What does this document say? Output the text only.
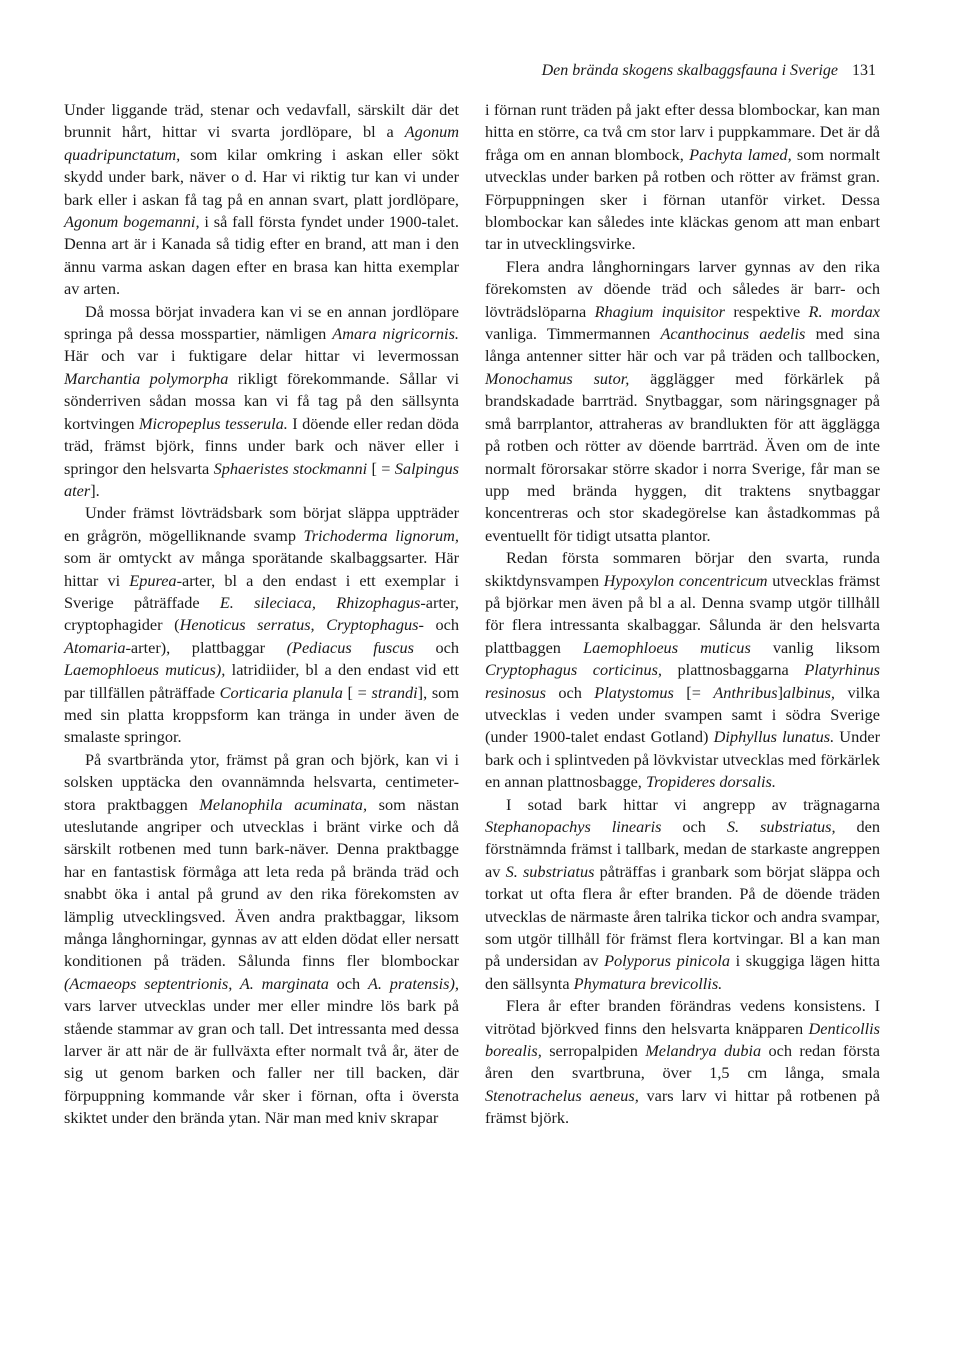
Den brända skogens skalbaggsfauna i Sverige 131

Under liggande träd, stenar och vedavfall, särskilt där det brunnit hårt, hittar vi svarta jordlöpare, bl a Agonum quadripunctatum, som kilar omkring i askan eller sökt skydd under bark, näver o d. Har vi riktig tur kan vi under bark eller i askan få tag på en annan svart, platt jordlöpare, Agonum bogemanni, i så fall första fyndet under 1900-talet. Denna art är i Kanada så tidig efter en brand, att man i den ännu varma askan dagen efter en brasa kan hitta exemplar av arten.

Då mossa börjat invadera kan vi se en annan jordlöpare springa på dessa mosspartier, nämligen Amara nigricornis. Här och var i fuktigare delar hittar vi levermossan Marchantia polymorpha rikligt förekommande. Sållar vi sönderriven sådan mossa kan vi få tag på den sällsynta kortvingen Micropeplus tesserula. I döende eller redan döda träd, främst björk, finns under bark och näver eller i springor den helsvarta Sphaeristes stockmanni [ = Salpingus ater].

Under främst lövträdsbark som börjat släppa uppträder en grågrön, mögelliknande svamp Trichoderma lignorum, som är omtyckt av många sporätande skalbaggsarter. Här hittar vi Epurea-arter, bl a den endast i ett exemplar i Sverige påträffade E. sileciaca, Rhizophagus-arter, cryptophagider (Henoticus serratus, Cryptophagus- och Atomaria-arter), plattbaggar (Pediacus fuscus och Laemophloeus muticus), latridiider, bl a den endast vid ett par tillfällen påträffade Corticaria planula [ = strandi], som med sin platta kroppsform kan tränga in under även de smalaste springor.

På svartbrända ytor, främst på gran och björk, kan vi i solsken upptäcka den ovannämnda helsvarta, centimeter-stora praktbaggen Melanophila acuminata, som nästan uteslutande angriper och utvecklas i bränt virke och då särskilt rotbenen med tunn bark-näver. Denna praktbagge har en fantastisk förmåga att leta reda på brända träd och snabbt öka i antal på grund av den rika förekomsten av lämplig utvecklingsved. Även andra praktbaggar, liksom många långhorningar, gynnas av att elden dödat eller nersatt konditionen på träden. Sålunda finns fler blombockar (Acmaeops septentrionis, A. marginata och A. pratensis), vars larver utvecklas under mer eller mindre lös bark på stående stammar av gran och tall. Det intressanta med dessa larver är att när de är fullväxta efter normalt två år, äter de sig ut genom barken och faller ner till backen, där förpuppning kommande vår sker i förnan, ofta i översta skiktet under den brända ytan. När man med kniv skrapar

i förnan runt träden på jakt efter dessa blombockar, kan man hitta en större, ca två cm stor larv i puppkammare. Det är då fråga om en annan blombock, Pachyta lamed, som normalt utvecklas under barken på rotben och rötter av främst gran. Förpuppningen sker i förnan utanför virket. Dessa blombockar kan således inte kläckas genom att man enbart tar in utvecklingsvirke.

Flera andra långhorningars larver gynnas av den rika förekomsten av döende träd och således är barr- och lövträdslöparna Rhagium inquisitor respektive R. mordax vanliga. Timmermannen Acanthocinus aedelis med sina långa antenner sitter här och var på träden och tallbocken, Monochamus sutor, ägglägger med förkärlek på brandskadade barrträd. Snytbaggar, som näringsgnager på små barrplantor, attraheras av brandlukten för att ägglägga på rotben och rötter av döende barrträd. Även om de inte normalt förorsakar större skador i norra Sverige, får man se upp med brända hyggen, dit traktens snytbaggar koncentreras och stor skadegörelse kan åstadkommas på eventuellt för tidigt utsatta plantor.

Redan första sommaren börjar den svarta, runda skiktdynsvampen Hypoxylon concentricum utvecklas främst på björkar men även på bl a al. Denna svamp utgör tillhåll för flera intressanta skalbaggar. Sålunda är den helsvarta plattbaggen Laemophloeus muticus vanlig liksom Cryptophagus corticinus, plattnosbaggarna Platyrhinus resinosus och Platystomus [= Anthribus]albinus, vilka utvecklas i veden under svampen samt i södra Sverige (under 1900-talet endast Gotland) Diphyllus lunatus. Under bark och i splintveden på lövkvistar utvecklas med förkärlek en annan plattnosbagge, Tropideres dorsalis.

I sotad bark hittar vi angrepp av trägnagarna Stephanopachys linearis och S. substriatus, den förstnämnda främst i tallbark, medan de starkaste angreppen av S. substriatus påträffas i granbark som börjat släppa och torkat ut ofta flera år efter branden. På de döende träden utvecklas de närmaste åren talrika tickor och andra svampar, som utgör tillhåll för främst flera kortvingar. Bl a kan man på undersidan av Polyporus pinicola i skuggiga lägen hitta den sällsynta Phymatura brevicollis.

Flera år efter branden förändras vedens konsistens. I vitrötad björkved finns den helsvarta knäpparen Denticollis borealis, serropalpiden Melandrya dubia och redan första åren den svartbruna, över 1,5 cm långa, smala Stenotrachelus aeneus, vars larv vi hittar på rotbenen på främst björk.
